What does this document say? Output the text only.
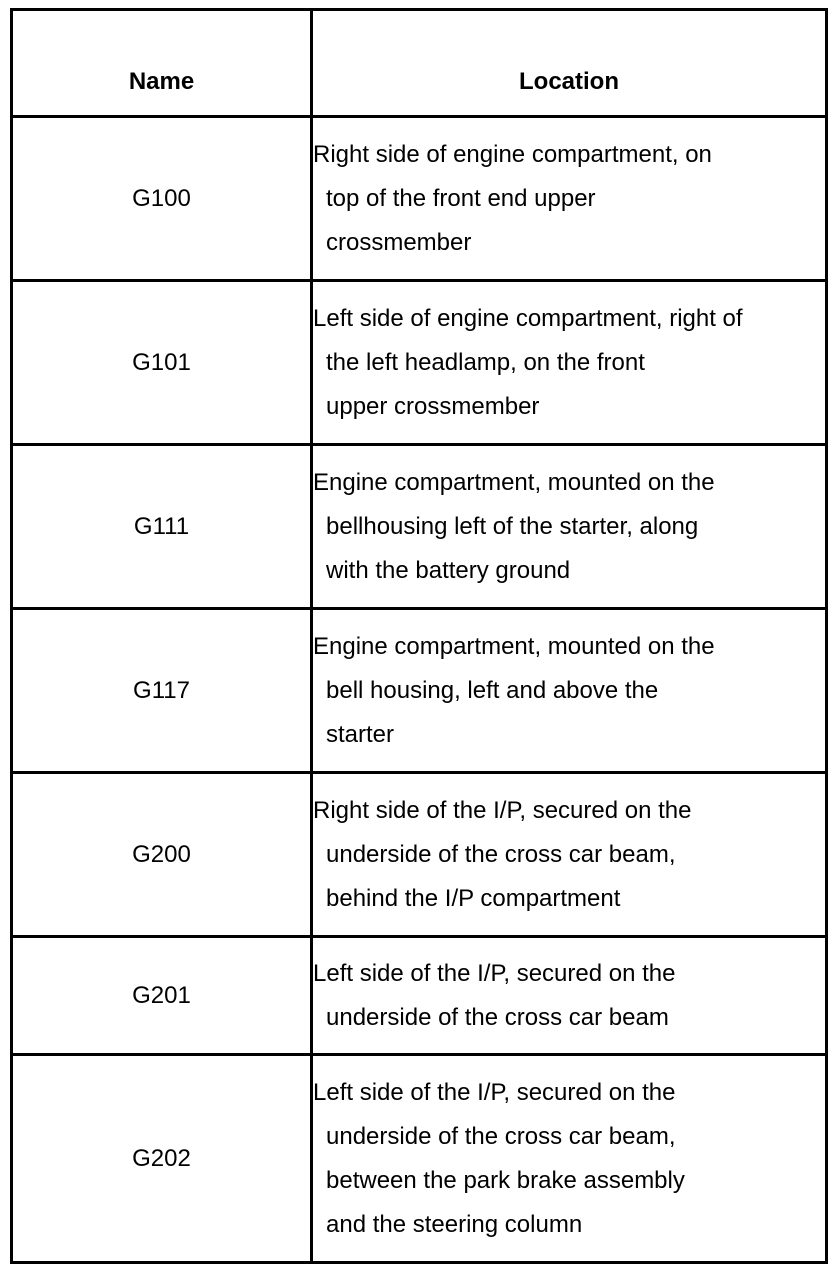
Name	Location
G100	Right side of engine compartment, on
top of the front end upper
crossmember

G101	Left side of engine compartment, right of
the left headlamp, on the front
upper crossmember

G111	Engine compartment, mounted on the
bellhousing left of the starter, along
with the battery ground

G117	Engine compartment, mounted on the
bell housing, left and above the
starter

G200	Right side of the I/P, secured on the
underside of the cross car beam,
behind the I/P compartment

G201	Left side of the I/P, secured on the
underside of the cross car beam

G202	Left side of the I/P, secured on the
underside of the cross car beam,
between the park brake assembly
and the steering column
